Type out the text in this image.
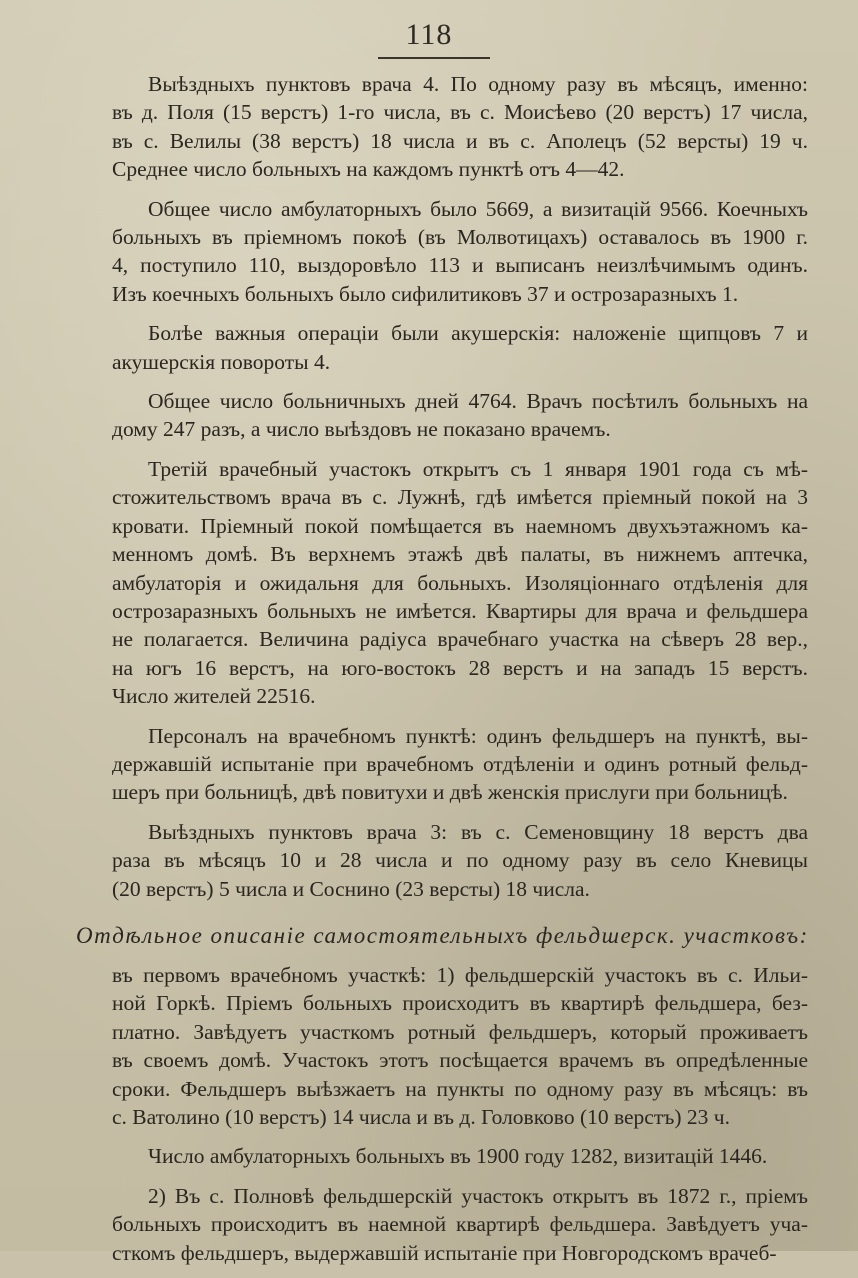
118
Выѣздныхъ пунктовъ врача 4. По одному разу въ мѣсяцъ, именно:
въ д. Поля (15 верстъ) 1-го числа, въ с. Моисѣево (20 верстъ) 17 числа,
въ с. Велилы (38 верстъ) 18 числа и въ с. Аполецъ (52 версты) 19 ч.
Среднее число больныхъ на каждомъ пунктѣ отъ 4—42.
Общее число амбулаторныхъ было 5669, а визитацій 9566. Коечныхъ
больныхъ въ пріемномъ покоѣ (въ Молвотицахъ) оставалось въ 1900 г.
4, поступило 110, выздоровѣло 113 и выписанъ неизлѣчимымъ одинъ.
Изъ коечныхъ больныхъ было сифилитиковъ 37 и острозаразныхъ 1.
Болѣе важныя операціи были акушерскія: наложеніе щипцовъ 7 и
акушерскія повороты 4.
Общее число больничныхъ дней 4764. Врачъ посѣтилъ больныхъ на
дому 247 разъ, а число выѣздовъ не показано врачемъ.
Третій врачебный участокъ открытъ съ 1 января 1901 года съ мѣ-
стожительствомъ врача въ с. Лужнѣ, гдѣ имѣется пріемный покой на 3
кровати. Пріемный покой помѣщается въ наемномъ двухъэтажномъ ка-
менномъ домѣ. Въ верхнемъ этажѣ двѣ палаты, въ нижнемъ аптечка,
амбулаторія и ожидальня для больныхъ. Изоляціоннаго отдѣленія для
острозаразныхъ больныхъ не имѣется. Квартиры для врача и фельдшера
не полагается. Величина радіуса врачебнаго участка на сѣверъ 28 вер.,
на югъ 16 верстъ, на юго-востокъ 28 верстъ и на западъ 15 верстъ.
Число жителей 22516.
Персоналъ на врачебномъ пунктѣ: одинъ фельдшеръ на пунктѣ, вы-
державшій испытаніе при врачебномъ отдѣленіи и одинъ ротный фельд-
шеръ при больницѣ, двѣ повитухи и двѣ женскія прислуги при больницѣ.
Выѣздныхъ пунктовъ врача 3: въ с. Семеновщину 18 верстъ два
раза въ мѣсяцъ 10 и 28 числа и по одному разу въ село Кневицы
(20 верстъ) 5 числа и Соснино (23 версты) 18 числа.
Отдѣльное описаніе самостоятельныхъ фельдшерск. участковъ:
въ первомъ врачебномъ участкѣ: 1) фельдшерскій участокъ въ с. Ильи-
ной Горкѣ. Пріемъ больныхъ происходитъ въ квартирѣ фельдшера, без-
платно. Завѣдуетъ участкомъ ротный фельдшеръ, который проживаетъ
въ своемъ домѣ. Участокъ этотъ посѣщается врачемъ въ опредѣленные
сроки. Фельдшеръ выѣзжаетъ на пункты по одному разу въ мѣсяцъ: въ
с. Ватолино (10 верстъ) 14 числа и въ д. Головково (10 верстъ) 23 ч.
Число амбулаторныхъ больныхъ въ 1900 году 1282, визитацій 1446.
2) Въ с. Полновѣ фельдшерскій участокъ открытъ въ 1872 г., пріемъ
больныхъ происходитъ въ наемной квартирѣ фельдшера. Завѣдуетъ уча-
сткомъ фельдшеръ, выдержавшій испытаніе при Новгородскомъ врачеб-
